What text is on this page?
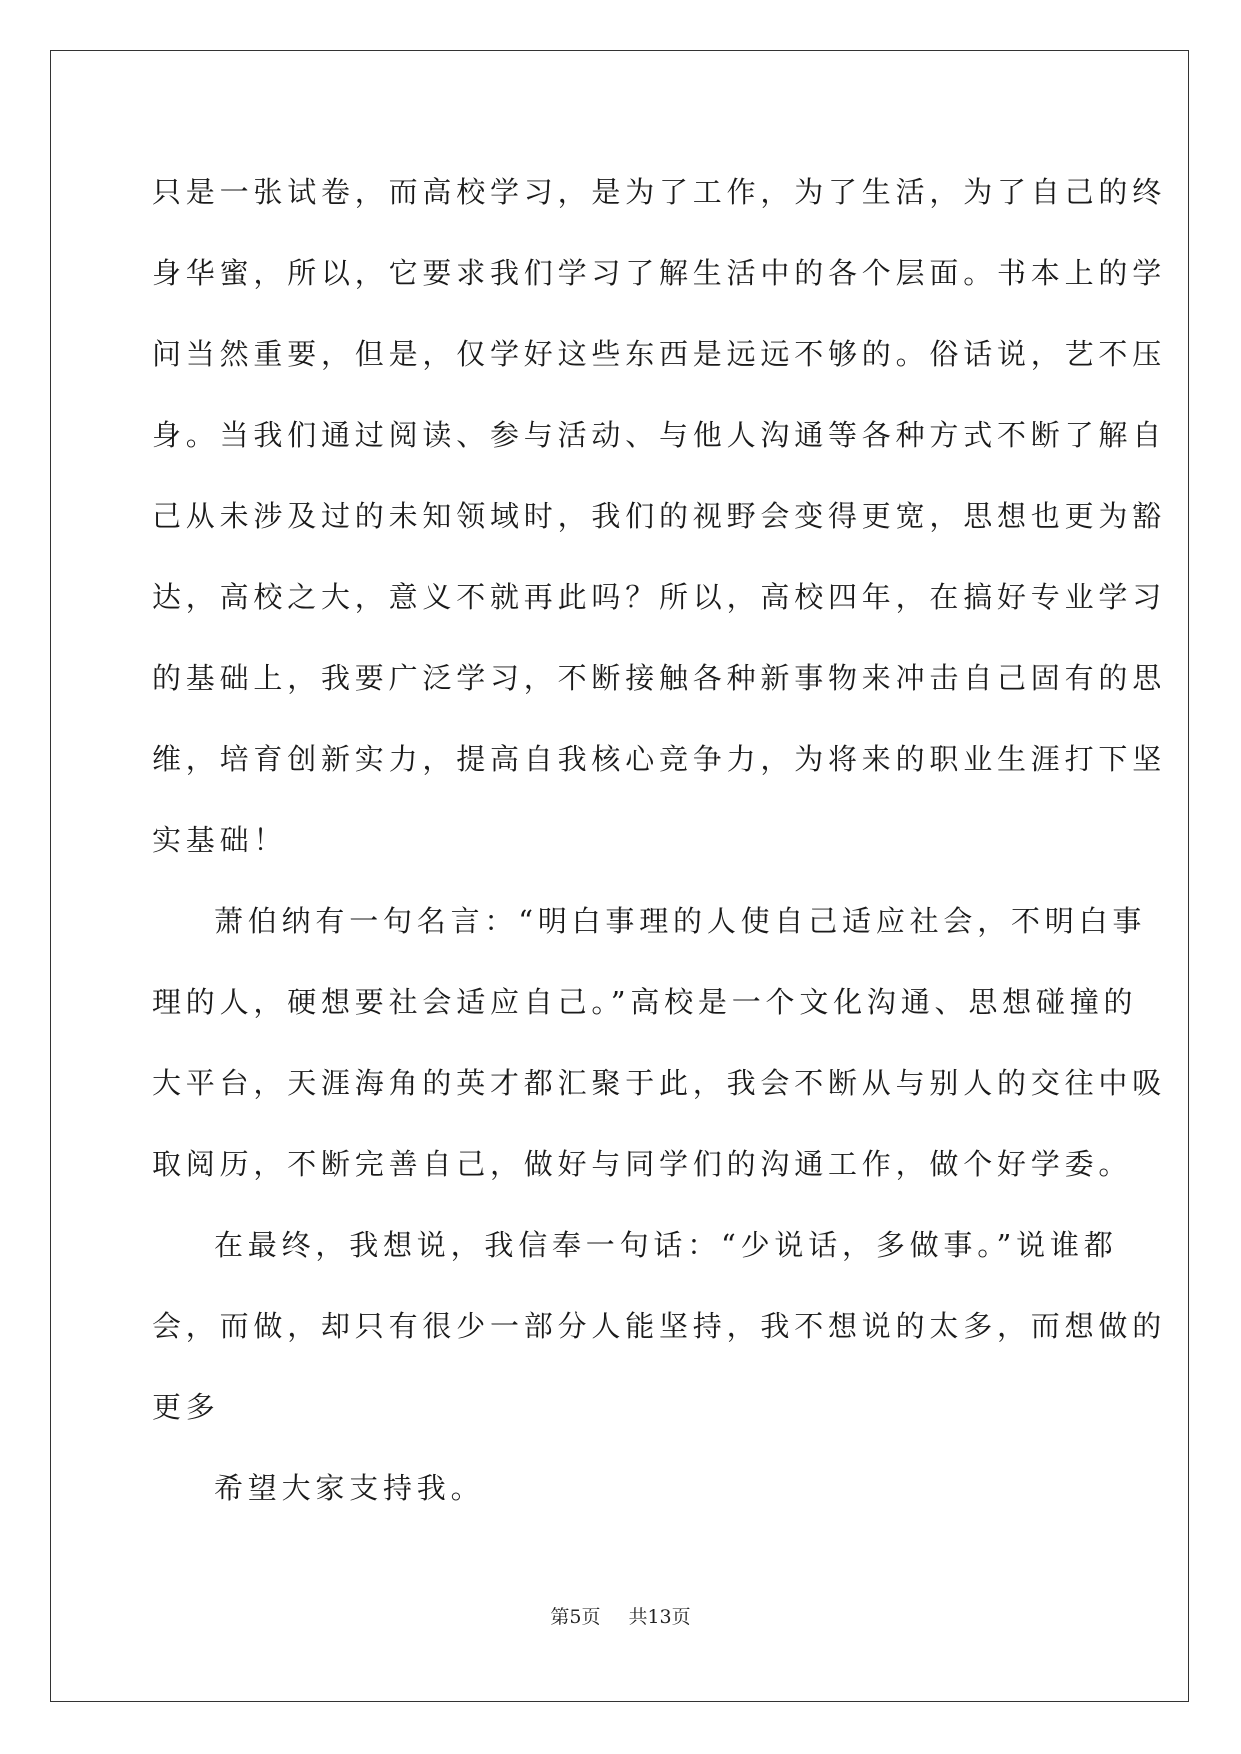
只是一张试卷，而高校学习，是为了工作，为了生活，为了自己的终
身华蜜，所以，它要求我们学习了解生活中的各个层面。书本上的学
问当然重要，但是，仅学好这些东西是远远不够的。俗话说，艺不压
身。当我们通过阅读、参与活动、与他人沟通等各种方式不断了解自
己从未涉及过的未知领域时，我们的视野会变得更宽，思想也更为豁
达，高校之大，意义不就再此吗？所以，高校四年，在搞好专业学习
的基础上，我要广泛学习，不断接触各种新事物来冲击自己固有的思
维，培育创新实力，提高自我核心竞争力，为将来的职业生涯打下坚
实基础！
萧伯纳有一句名言：“明白事理的人使自己适应社会，不明白事
理的人，硬想要社会适应自己。”高校是一个文化沟通、思想碰撞的
大平台，天涯海角的英才都汇聚于此，我会不断从与别人的交往中吸
取阅历，不断完善自己，做好与同学们的沟通工作，做个好学委。
在最终，我想说，我信奉一句话：“少说话，多做事。”说谁都
会，而做，却只有很少一部分人能坚持，我不想说的太多，而想做的
更多
希望大家支持我。
第5页 共13页
